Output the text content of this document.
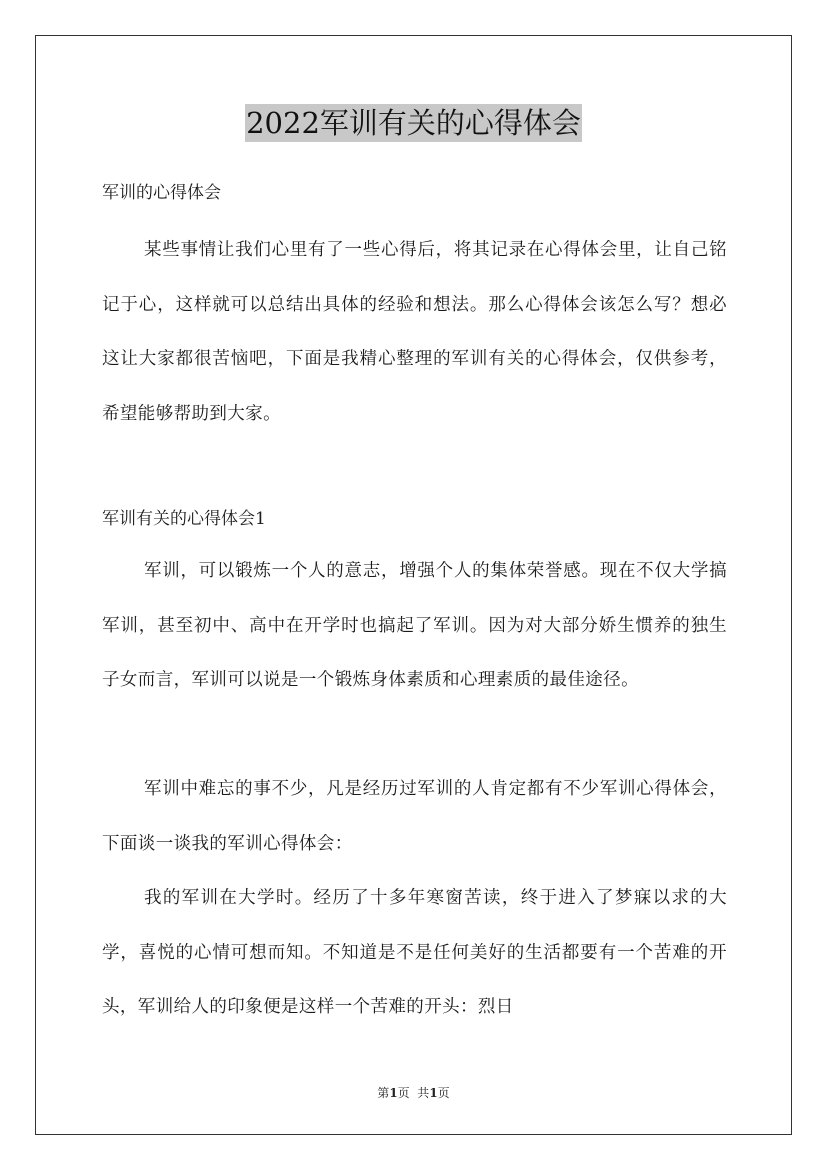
2022军训有关的心得体会
军训的心得体会

某些事情让我们心里有了一些心得后，将其记录在心得体会里，让自己铭记于心，这样就可以总结出具体的经验和想法。那么心得体会该怎么写？想必这让大家都很苦恼吧，下面是我精心整理的军训有关的心得体会，仅供参考，希望能够帮助到大家。

军训有关的心得体会1

军训，可以锻炼一个人的意志，增强个人的集体荣誉感。现在不仅大学搞军训，甚至初中、高中在开学时也搞起了军训。因为对大部分娇生惯养的独生子女而言，军训可以说是一个锻炼身体素质和心理素质的最佳途径。

军训中难忘的事不少，凡是经历过军训的人肯定都有不少军训心得体会，下面谈一谈我的军训心得体会：

我的军训在大学时。经历了十多年寒窗苦读，终于进入了梦寐以求的大学，喜悦的心情可想而知。不知道是不是任何美好的生活都要有一个苦难的开头，军训给人的印象便是这样一个苦难的开头：烈日

第1页  共1页
